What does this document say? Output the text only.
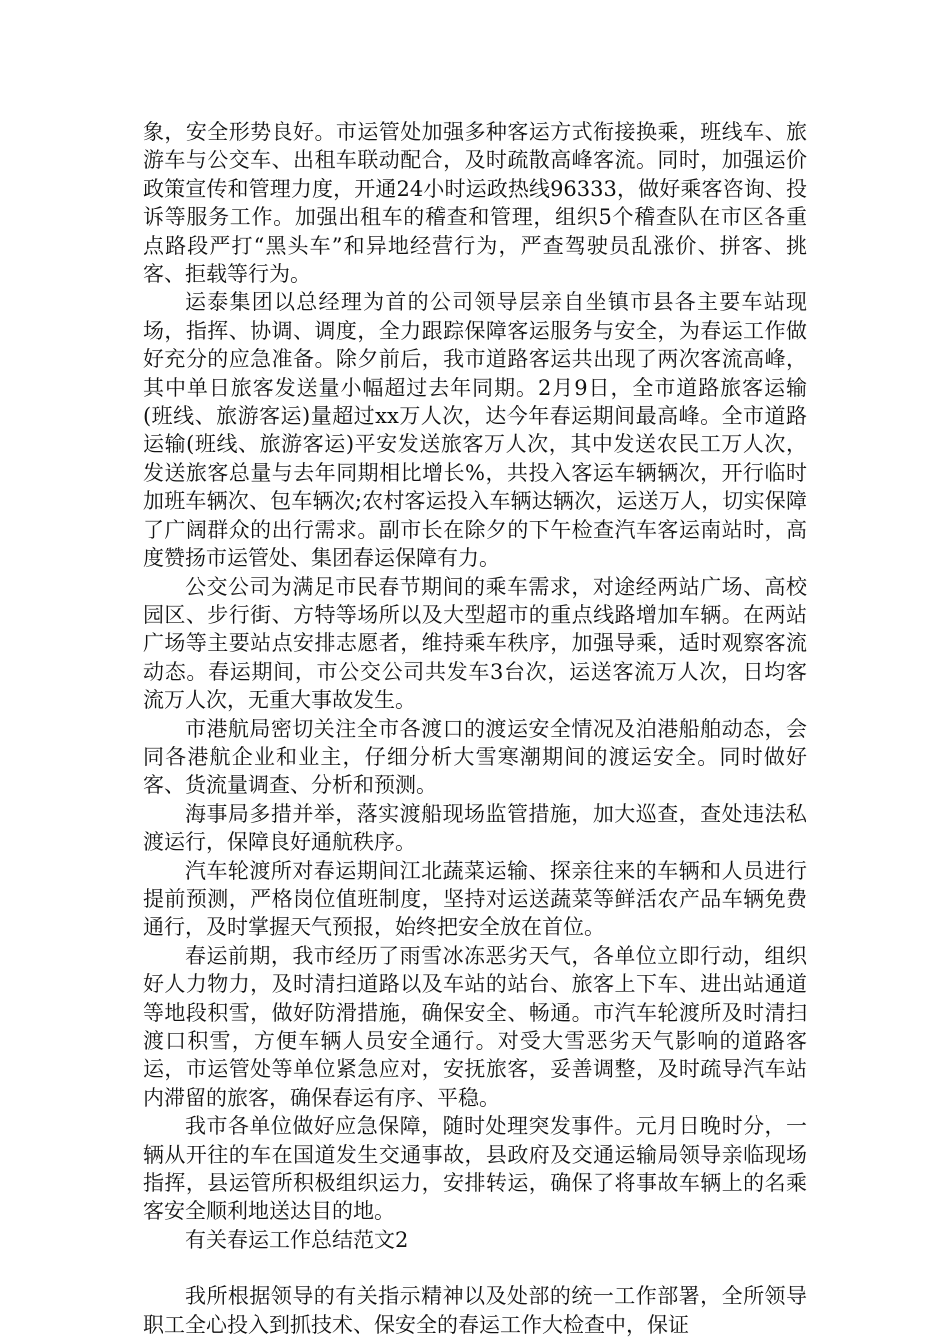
象，安全形势良好。市运管处加强多种客运方式衔接换乘，班线车、旅游车与公交车、出租车联动配合，及时疏散高峰客流。同时，加强运价政策宣传和管理力度，开通24小时运政热线96333，做好乘客咨询、投诉等服务工作。加强出租车的稽查和管理，组织5个稽查队在市区各重点路段严打“黑头车”和异地经营行为，严查驾驶员乱涨价、拼客、挑客、拒载等行为。

运泰集团以总经理为首的公司领导层亲自坐镇市县各主要车站现场，指挥、协调、调度，全力跟踪保障客运服务与安全，为春运工作做好充分的应急准备。除夕前后，我市道路客运共出现了两次客流高峰，其中单日旅客发送量小幅超过去年同期。2月9日，全市道路旅客运输(班线、旅游客运)量超过xx万人次，达今年春运期间最高峰。全市道路运输(班线、旅游客运)平安发送旅客万人次，其中发送农民工万人次，发送旅客总量与去年同期相比增长%，共投入客运车辆辆次，开行临时加班车辆次、包车辆次;农村客运投入车辆达辆次，运送万人，切实保障了广阔群众的出行需求。副市长在除夕的下午检查汽车客运南站时，高度赞扬市运管处、集团春运保障有力。

公交公司为满足市民春节期间的乘车需求，对途经两站广场、高校园区、步行街、方特等场所以及大型超市的重点线路增加车辆。在两站广场等主要站点安排志愿者，维持乘车秩序，加强导乘，适时观察客流动态。春运期间，市公交公司共发车3台次，运送客流万人次，日均客流万人次，无重大事故发生。

市港航局密切关注全市各渡口的渡运安全情况及泊港船舶动态，会同各港航企业和业主，仔细分析大雪寒潮期间的渡运安全。同时做好客、货流量调查、分析和预测。

海事局多措并举，落实渡船现场监管措施，加大巡查，查处违法私渡运行，保障良好通航秩序。

汽车轮渡所对春运期间江北蔬菜运输、探亲往来的车辆和人员进行提前预测，严格岗位值班制度，坚持对运送蔬菜等鲜活农产品车辆免费通行，及时掌握天气预报，始终把安全放在首位。

春运前期，我市经历了雨雪冰冻恶劣天气，各单位立即行动，组织好人力物力，及时清扫道路以及车站的站台、旅客上下车、进出站通道等地段积雪，做好防滑措施，确保安全、畅通。市汽车轮渡所及时清扫渡口积雪，方便车辆人员安全通行。对受大雪恶劣天气影响的道路客运，市运管处等单位紧急应对，安抚旅客，妥善调整，及时疏导汽车站内滞留的旅客，确保春运有序、平稳。

我市各单位做好应急保障，随时处理突发事件。元月日晚时分，一辆从开往的车在国道发生交通事故，县政府及交通运输局领导亲临现场指挥，县运管所积极组织运力，安排转运，确保了将事故车辆上的名乘客安全顺利地送达目的地。

有关春运工作总结范文2

我所根据领导的有关指示精神以及处部的统一工作部署，全所领导职工全心投入到抓技术、保安全的春运工作大检查中，保证
